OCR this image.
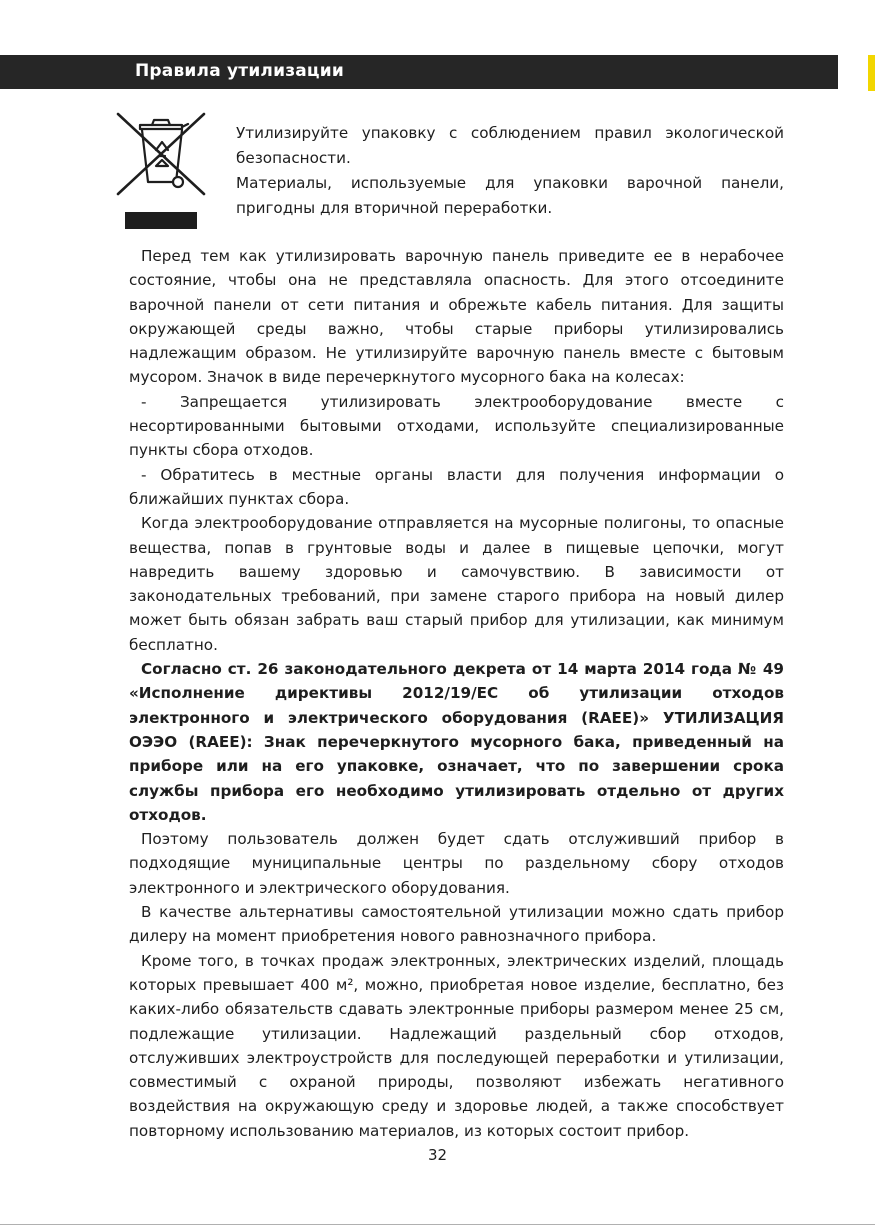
Правила утилизации

Утилизируйте упаковку с соблюдением правил экологической безопасности.

Материалы, используемые для упаковки варочной панели, пригодны для вторичной переработки.

Перед тем как утилизировать варочную панель приведите ее в нерабочее состояние, чтобы она не представляла опасность. Для этого отсоедините варочной панели от сети питания и обрежьте кабель питания. Для защиты окружающей среды важно, чтобы старые приборы утилизировались надлежащим образом. Не утилизируйте варочную панель вместе с бытовым мусором. Значок в виде перечеркнутого мусорного бака на колесах:

- Запрещается утилизировать электрооборудование вместе с несортированными бытовыми отходами, используйте специализированные пункты сбора отходов.

- Обратитесь в местные органы власти для получения информации о ближайших пунктах сбора.

Когда электрооборудование отправляется на мусорные полигоны, то опасные вещества, попав в грунтовые воды и далее в пищевые цепочки, могут навредить вашему здоровью и самочувствию. В зависимости от законодательных требований, при замене старого прибора на новый дилер может быть обязан забрать ваш старый прибор для утилизации, как минимум бесплатно.

Согласно ст. 26 законодательного декрета от 14 марта 2014 года № 49 «Исполнение директивы 2012/19/ЕС об утилизации отходов электронного и электрического оборудования (RAEE)» УТИЛИЗАЦИЯ ОЭЭО (RAEE): Знак перечеркнутого мусорного бака, приведенный на приборе или на его упаковке, означает, что по завершении срока службы прибора его необходимо утилизировать отдельно от других отходов.

Поэтому пользователь должен будет сдать отслуживший прибор в подходящие муниципальные центры по раздельному сбору отходов электронного и электрического оборудования.

В качестве альтернативы самостоятельной утилизации можно сдать прибор дилеру на момент приобретения нового равнозначного прибора.

Кроме того, в точках продаж электронных, электрических изделий, площадь которых превышает 400 м², можно, приобретая новое изделие, бесплатно, без каких-либо обязательств сдавать электронные приборы размером менее 25 см, подлежащие утилизации. Надлежащий раздельный сбор отходов, отслуживших электроустройств для последующей переработки и утилизации, совместимый с охраной природы, позволяют избежать негативного воздействия на окружающую среду и здоровье людей, а также способствует повторному использованию материалов, из которых состоит прибор.

32
